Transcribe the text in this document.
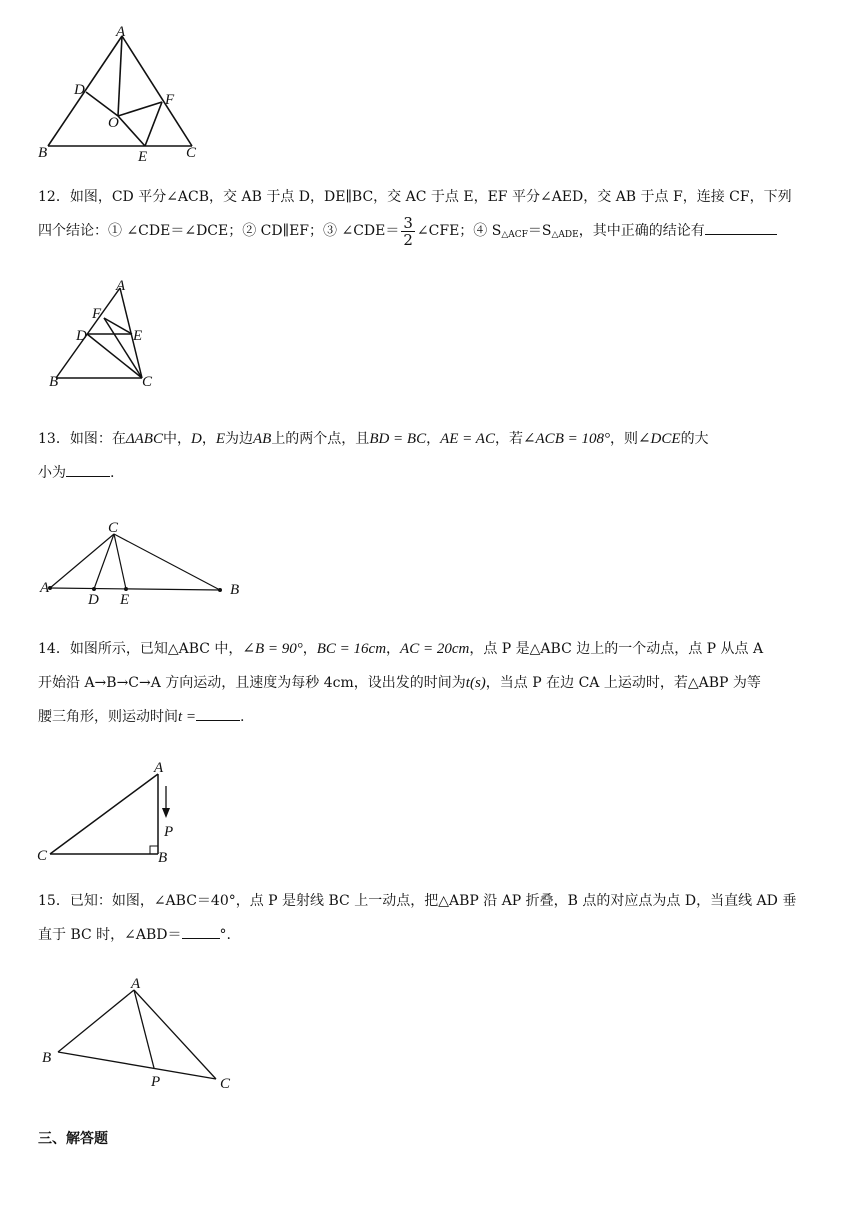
A
D
F
O
B	E	C
12．如图，CD 平分∠ACB，交 AB 于点 D，DE∥BC，交 AC 于点 E，EF 平分∠AED，交 AB 于点 F，连接 CF，下列
四个结论：① ∠CDE＝∠DCE；② CD∥EF；③ ∠CDE＝ $\frac{3}{2}$ ∠CFE；④ $S_{\triangle ACF}=S_{\triangle ADE}$，其中正确的结论有
A
F
D	E
B	C
13．如图：在ΔABC中，D，E为边AB上的两个点，且BD = BC，AE = AC，若∠ACB = 108°，则∠DCE的大
小为	.
C
A
D E
B
14．如图所示，已知△ABC 中，∠B = 90°，BC = 16cm，AC = 20cm，点 P 是△ABC 边上的一个动点，点 P 从点 A
开始沿 A→B→C→A 方向运动，且速度为每秒 4cm，设出发的时间为t(s)，当点 P 在边 CA 上运动时，若△ABP 为等
腰三角形，则运动时间t =	.
A
P
C	B
15．已知：如图，∠ABC＝40°，点 P 是射线 BC 上一动点，把△ABP 沿 AP 折叠，B 点的对应点为点 D，当直线 AD 垂
直于 BC 时，∠ABD＝	°.
A
B
P	C
三、解答题
